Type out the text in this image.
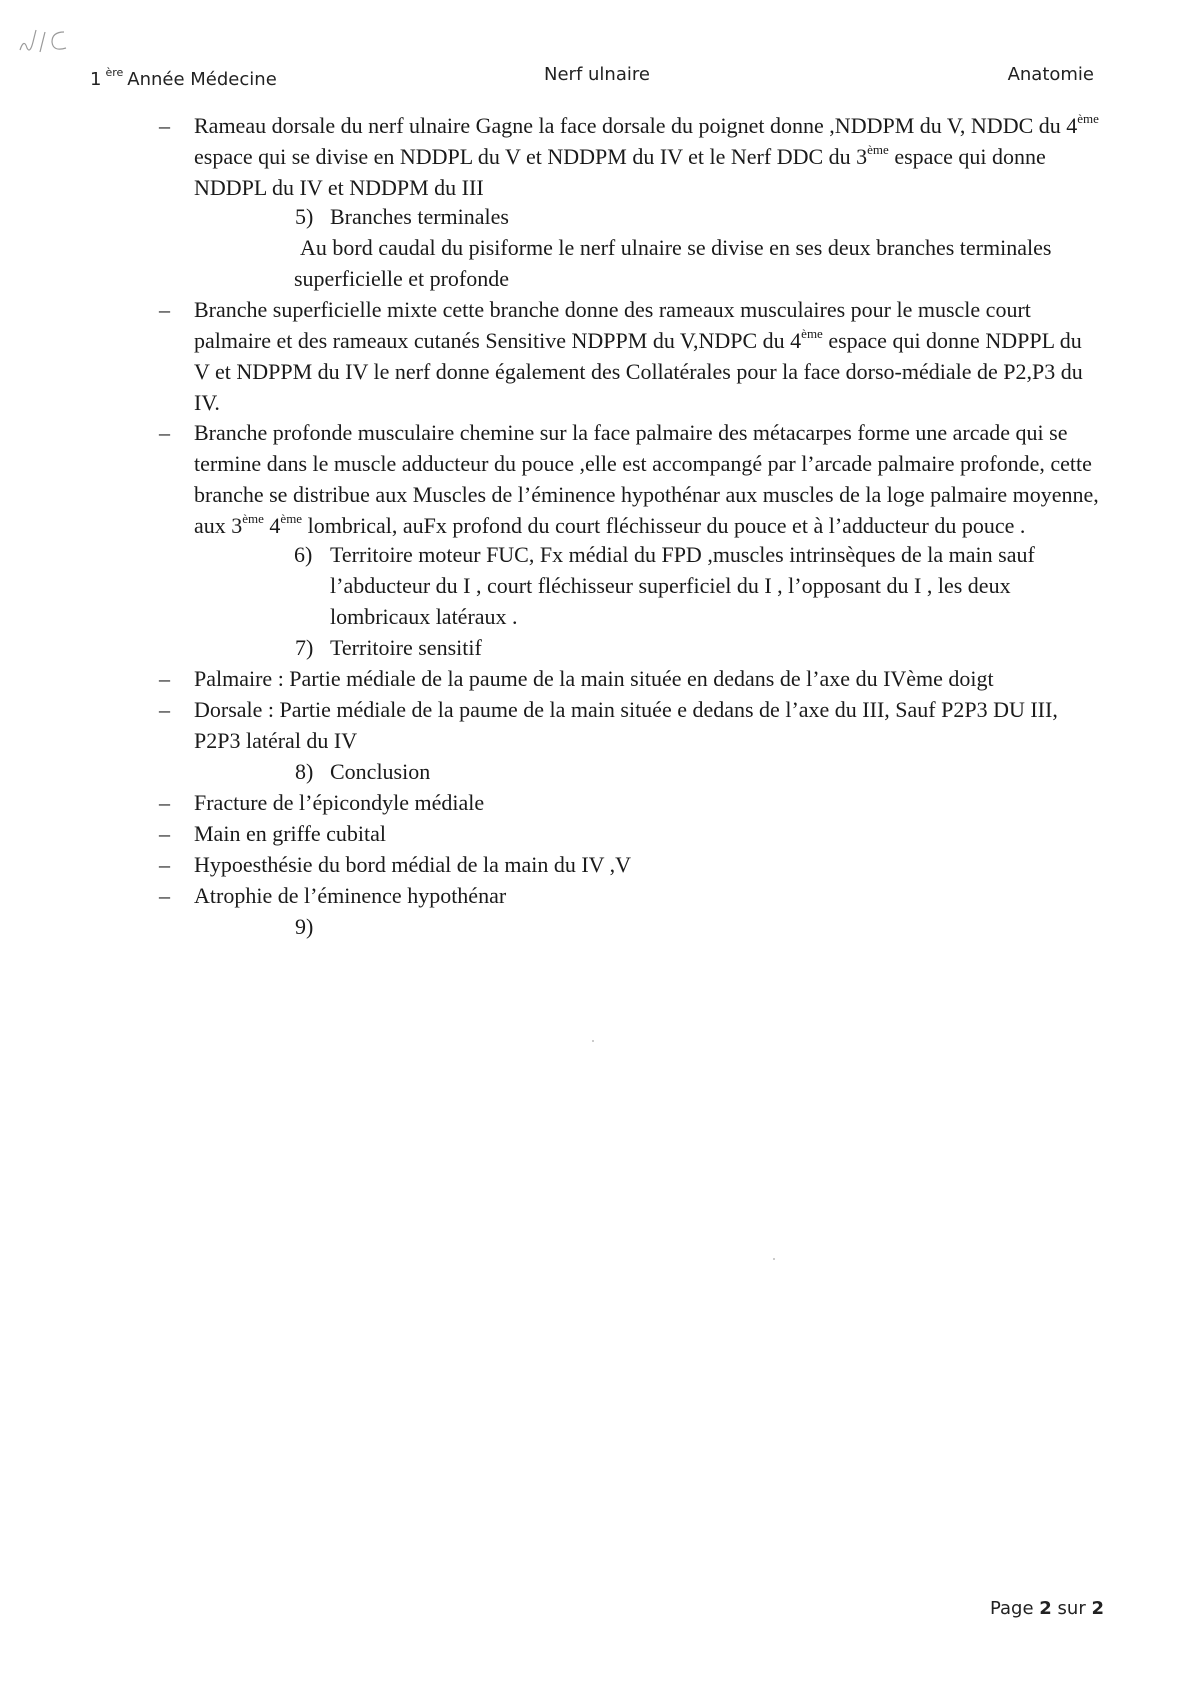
1 $^{ère}$ Année Médecine	Nerf ulnaire	Anatomie
– Rameau dorsale du nerf ulnaire Gagne la face dorsale du poignet donne ,NDDPM du V, NDDC du 4ème espace qui se divise en NDDPL du V et NDDPM du IV et le Nerf DDC du 3ème espace qui donne NDDPL du IV et NDDPM du III
5) Branches terminales
Au bord caudal du pisiforme le nerf ulnaire se divise en ses deux branches terminales superficielle et profonde
– Branche superficielle mixte cette branche donne des rameaux musculaires pour le muscle court palmaire et des rameaux cutanés Sensitive NDPPM du V,NDPC du 4ème espace qui donne NDPPL du V et NDPPM du IV le nerf donne également des Collatérales pour la face dorso-médiale de P2,P3 du IV.
– Branche profonde musculaire chemine sur la face palmaire des métacarpes forme une arcade qui se termine dans le muscle adducteur du pouce ,elle est accompangé par l’arcade palmaire profonde, cette branche se distribue aux Muscles de l’éminence hypothénar aux muscles de la loge palmaire moyenne, aux 3ème 4ème lombrical, auFx profond du court fléchisseur du pouce et à l’adducteur du pouce .
6) Territoire moteur FUC, Fx médial du FPD ,muscles intrinsèques de la main sauf l’abducteur du I , court fléchisseur superficiel du I , l’opposant du I , les deux lombricaux latéraux .
7) Territoire sensitif
– Palmaire : Partie médiale de la paume de la main située en dedans de l’axe du IVème doigt
– Dorsale : Partie médiale de la paume de la main située e dedans de l’axe du III, Sauf P2P3 DU III, P2P3 latéral du IV
8) Conclusion
– Fracture de l’épicondyle médiale
– Main en griffe cubital
– Hypoesthésie du bord médial de la main du IV ,V
– Atrophie de l’éminence hypothénar
9)
Page 2 sur 2
